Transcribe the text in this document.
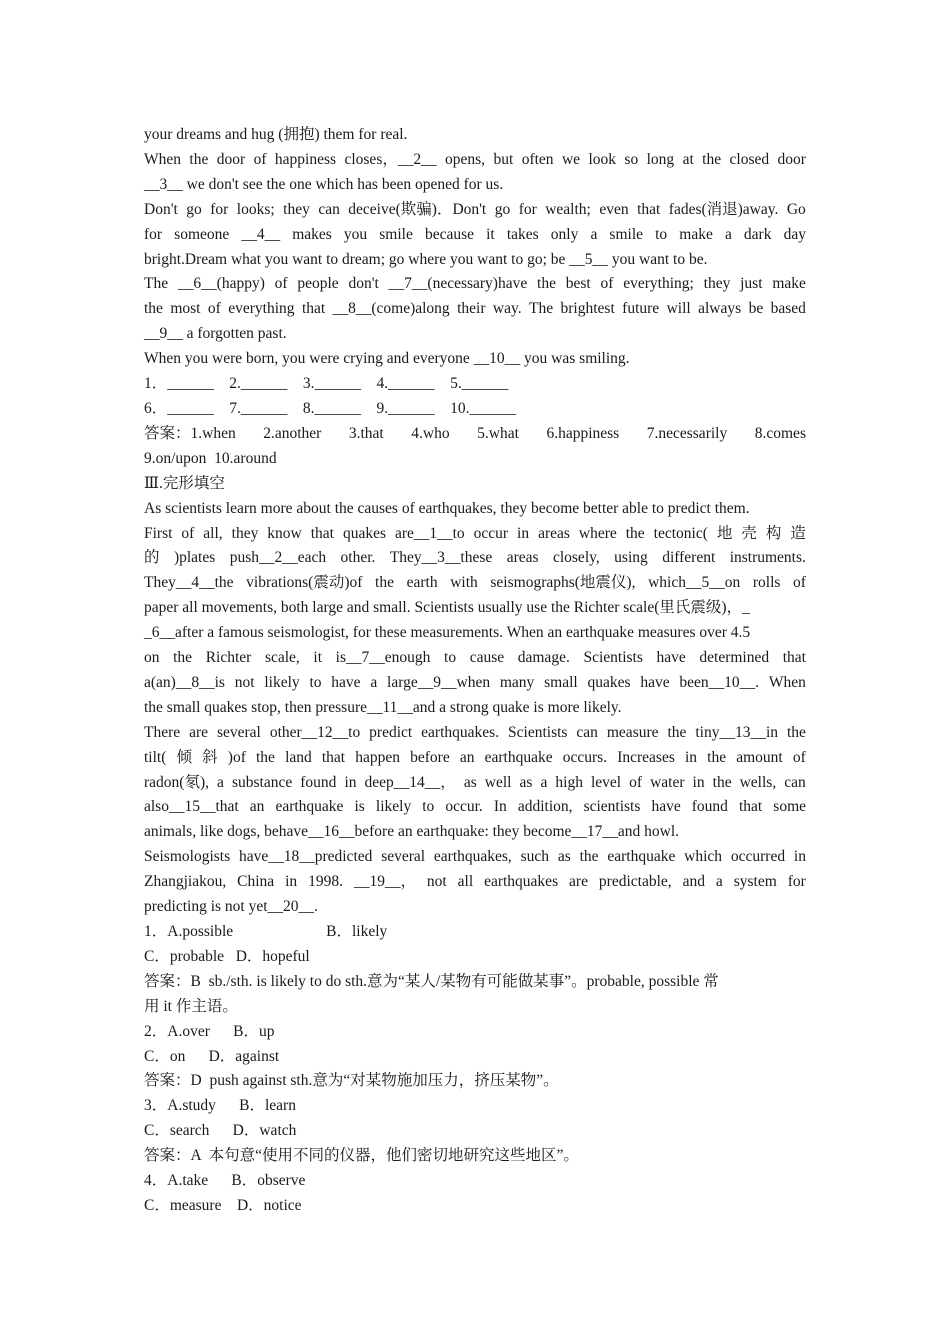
your dreams and hug (拥抱) them for real.
When the door of happiness closes，__2__ opens, but often we look so long at the closed door
__3__ we don't see the one which has been opened for us.
Don't go for looks; they can deceive(欺骗)．Don't go for wealth; even that fades(消退)away. Go
for someone __4__ makes you smile because it takes only a smile to make a dark day
bright.Dream what you want to dream; go where you want to go; be __5__ you want to be.
The __6__(happy) of people don't __7__(necessary)have the best of everything; they just make
the most of everything that __8__(come)along their way. The brightest future will always be based
__9__ a forgotten past.
When you were born, you were crying and everyone __10__ you was smiling.
1．______    2.______    3.______    4.______    5.______
6．______    7.______    8.______    9.______    10.______
答案：1.when 2.another 3.that 4.who 5.what 6.happiness 7.necessarily 8.comes
9.on/upon  10.around
Ⅲ.完形填空
As scientists learn more about the causes of earthquakes, they become better able to predict them.
First of all, they know that quakes are__1__to occur in areas where the tectonic( 地 壳 构 造
的 )plates push__2__each other. They__3__these areas closely, using different instruments.
They__4__the vibrations(震动)of the earth with seismographs(地震仪), which__5__on rolls of
paper all movements, both large and small. Scientists usually use the Richter scale(里氏震级)，_
_6__after a famous seismologist, for these measurements. When an earthquake measures over 4.5
on the Richter scale, it is__7__enough to cause damage. Scientists have determined that
a(an)__8__is not likely to have a large__9__when many small quakes have been__10__. When
the small quakes stop, then pressure__11__and a strong quake is more likely.
There are several other__12__to predict earthquakes. Scientists can measure the tiny__13__in the
tilt( 倾 斜 )of the land that happen before an earthquake occurs. Increases in the amount of
radon(氡), a substance found in deep__14__， as well as a high level of water in the wells, can
also__15__that an earthquake is likely to occur. In addition, scientists have found that some
animals, like dogs, behave__16__before an earthquake: they become__17__and howl.
Seismologists have__18__predicted several earthquakes, such as the earthquake which occurred in
Zhangjiakou, China in 1998. __19__， not all earthquakes are predictable, and a system for
predicting is not yet__20__.
1．A.possible                        B．likely
C．probable   D．hopeful
答案：B  sb./sth. is likely to do sth.意为“某人/某物有可能做某事”。probable, possible 常
用 it 作主语。
2．A.over      B．up
C．on      D．against
答案：D  push against sth.意为“对某物施加压力，挤压某物”。
3．A.study      B．learn
C．search      D．watch
答案：A  本句意“使用不同的仪器，他们密切地研究这些地区”。
4．A.take      B．observe
C．measure    D．notice
